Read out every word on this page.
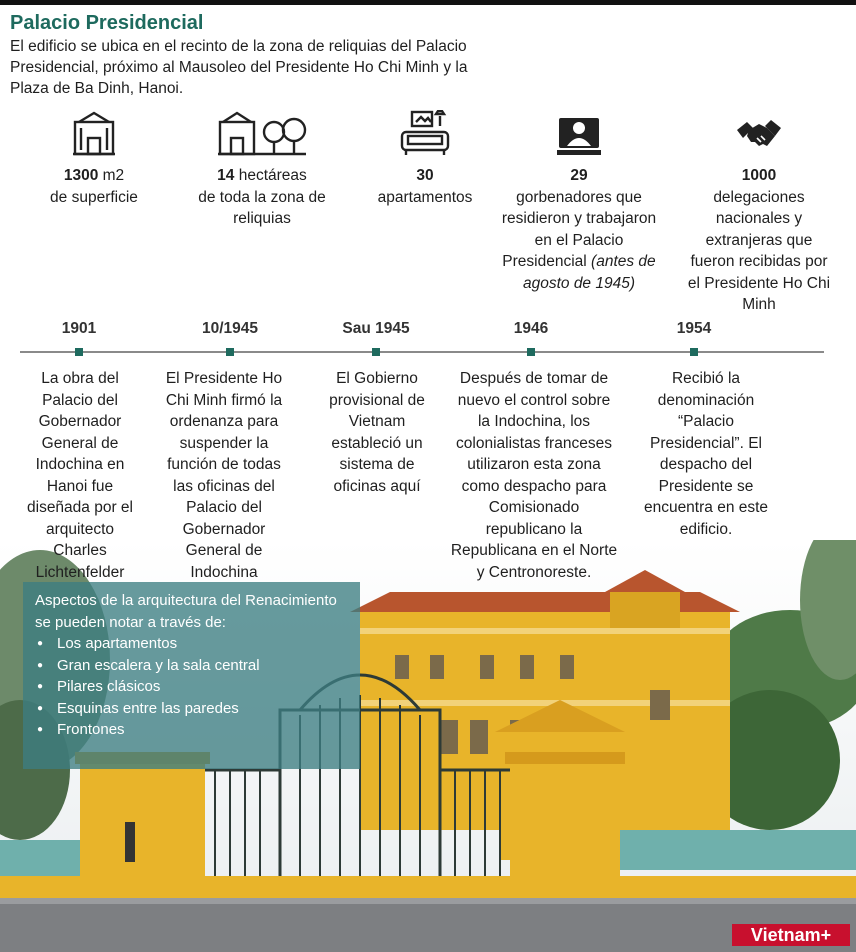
Palacio Presidencial
El edificio se ubica en el recinto de la zona de reliquias del Palacio Presidencial, próximo al Mausoleo del Presidente Ho Chi Minh y la Plaza de Ba Dinh, Hanoi.
1300 m2
de superficie
14 hectáreas
de toda la zona de reliquias
30
apartamentos
29
gorbenadores que residieron y trabajaron en el Palacio Presidencial (antes de agosto de 1945)
1000
delegaciones nacionales y extranjeras que fueron recibidas por el Presidente Ho Chi Minh
1901	10/1945	Sau 1945	1946	1954
La obra del Palacio del Gobernador General de Indochina en Hanoi fue diseñada por el arquitecto Charles Lichtenfelder
El Presidente Ho Chi Minh firmó la ordenanza para suspender la función de todas las oficinas del Palacio del Gobernador General de Indochina
El Gobierno provisional de Vietnam estableció un sistema de oficinas aquí
Después de tomar de nuevo el control sobre la Indochina, los colonialistas franceses utilizaron esta zona como despacho para Comisionado republicano la Republicana en el Norte y Centronoreste.
Recibió la denominación “Palacio Presidencial”. El despacho del Presidente se encuentra en este edificio.
Aspectos de la arquitectura del Renacimiento se pueden notar a través de:
● Los apartamentos
● Gran escalera y la sala central
● Pilares clásicos
● Esquinas entre las paredes
● Frontones
Vietnam+
